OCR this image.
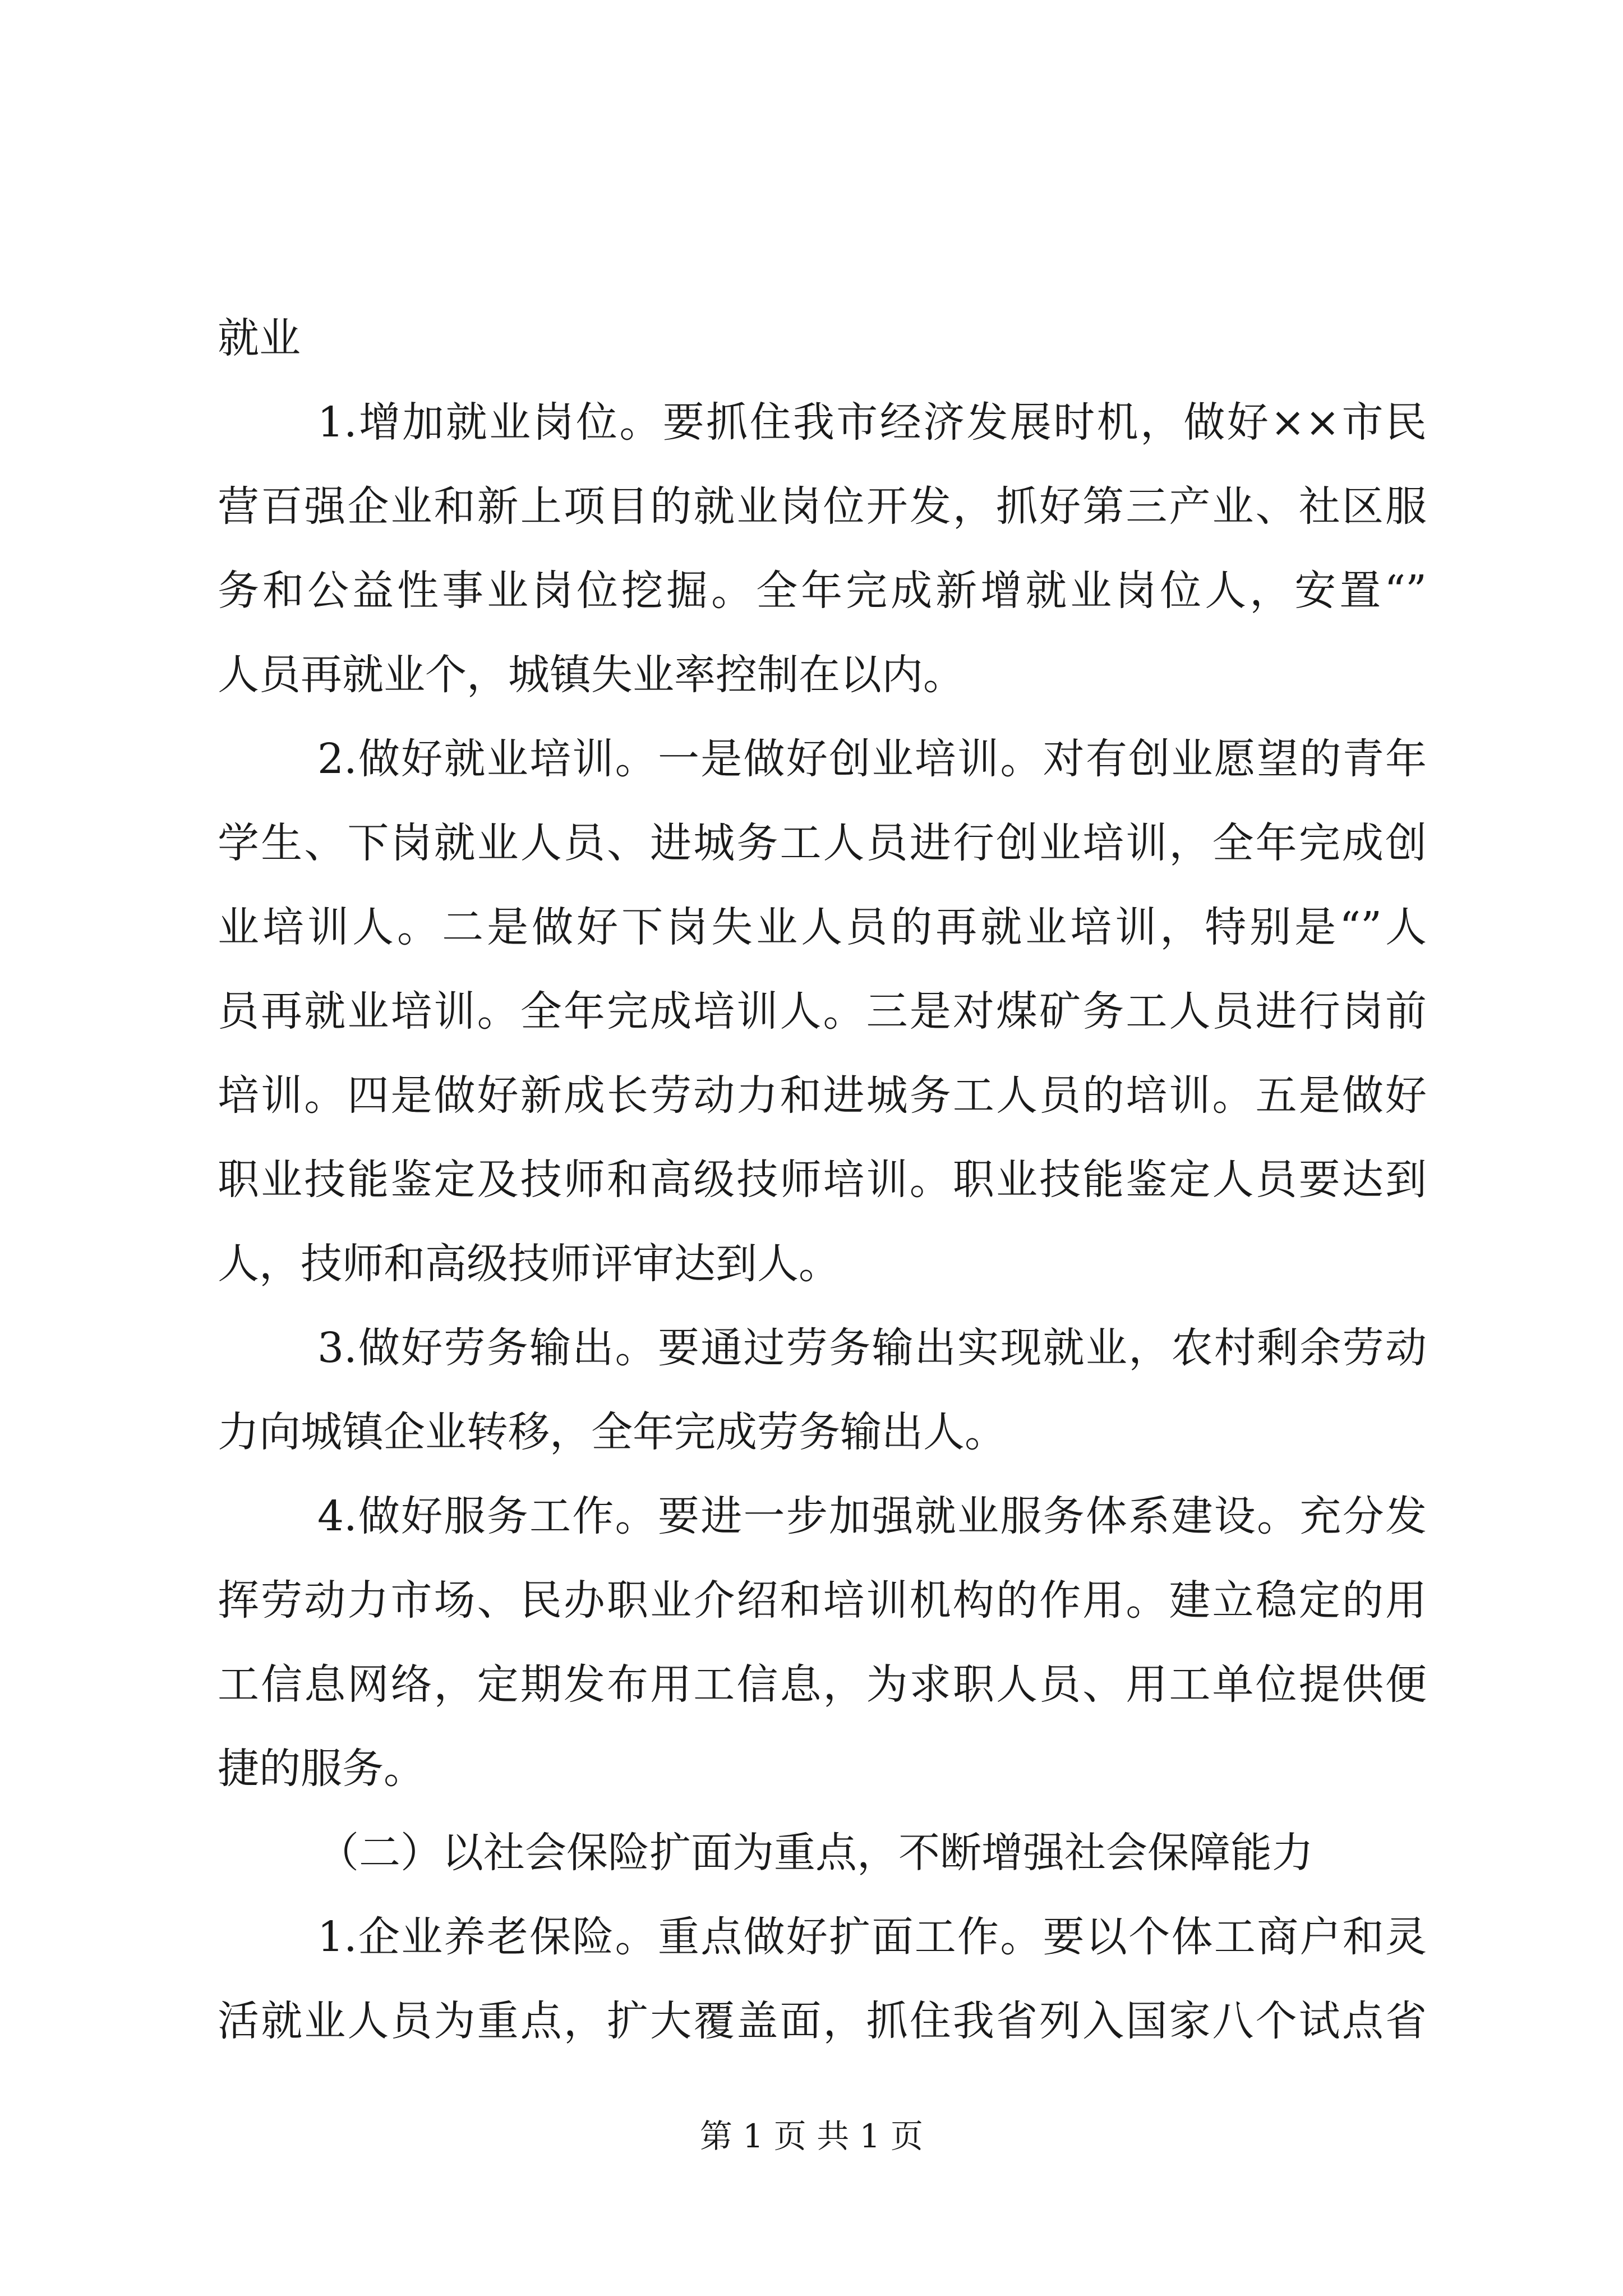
就业
1.增加就业岗位。要抓住我市经济发展时机，做好××市民
营百强企业和新上项目的就业岗位开发，抓好第三产业、社区服
务和公益性事业岗位挖掘。全年完成新增就业岗位人，安置“”
人员再就业个，城镇失业率控制在以内。
2.做好就业培训。一是做好创业培训。对有创业愿望的青年
学生、下岗就业人员、进城务工人员进行创业培训，全年完成创
业培训人。二是做好下岗失业人员的再就业培训，特别是“”人
员再就业培训。全年完成培训人。三是对煤矿务工人员进行岗前
培训。四是做好新成长劳动力和进城务工人员的培训。五是做好
职业技能鉴定及技师和高级技师培训。职业技能鉴定人员要达到
人，技师和高级技师评审达到人。
3.做好劳务输出。要通过劳务输出实现就业，农村剩余劳动
力向城镇企业转移，全年完成劳务输出人。
4.做好服务工作。要进一步加强就业服务体系建设。充分发
挥劳动力市场、民办职业介绍和培训机构的作用。建立稳定的用
工信息网络，定期发布用工信息，为求职人员、用工单位提供便
捷的服务。
（二）以社会保险扩面为重点，不断增强社会保障能力
1.企业养老保险。重点做好扩面工作。要以个体工商户和灵
活就业人员为重点，扩大覆盖面，抓住我省列入国家八个试点省
第 1 页 共 1 页
